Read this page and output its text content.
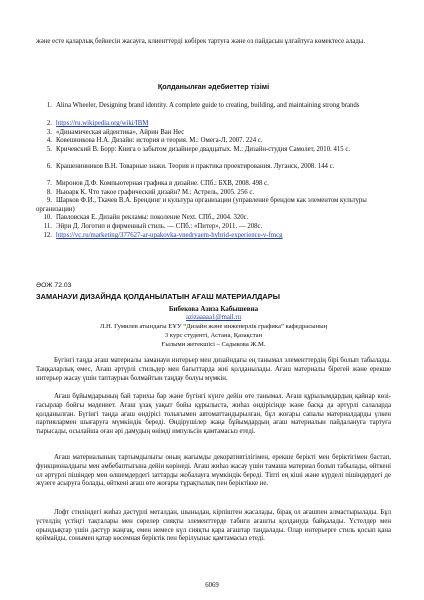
және есте қаларлық бейнесін жасауға, клиенттерді көбірек тартуға және оз пайдасын ұлғайтуға көмектесе алады.
Қолданылған әдебиеттер тізімі
1. Alina Wheeler, Designing brand identity. A complete guide to creating, building, and maintaining strong brands
2. https://ru.wikipedia.org/wiki/IBM
3. «Динамическая айдентика», Айрин Ван Нес
4. Ковешникова Н.А. Дизайн: история и теория. М.: Омега-Л, 2007. 224 с.
5. Кричевский В. Борр: Книга о забытом дизайнере двадцатых. М.: Дизайн-студия Самолет, 2010. 415 с.
6. Крашенинников В.Н. Товарные знаки. Теория и практика проектирования. Луганск, 2008. 144 с.
7. Миронов Д.Ф. Компьютерная графика в дизайне. СПб.: БХВ, 2008. 498 с.
8. Ньюарк К. Что такое графический дизайн? М.: Астрель, 2005. 256 с.
9. Шарков Ф.И., Ткачев В.А. Брендинг и культура организации (управление брендом как элементом культуры организации)
10. Павловская Е. Дизайн рекламы: поколение Next. СПб., 2004. 320с.
11. Эйри Д. Логотип и фирменный стиль. — СПб.: «Питер», 2011. — 208с.
12. https://vc.ru/marketing/377627-ar-upakovka-vnedryaem-hybrid-experience-v-fmcg
ӘОЖ 72.03
ЗАМАНАУИ ДИЗАЙНДА ҚОЛДАНЫЛАТЫН АҒАШ МАТЕРИАЛДАРЫ
Бибекова Азиза Кабышевна
azizaaaaa1@mail.ru
Л.Н. Гумилев атындағы ЕҰУ “Дизайн және инженерлік графика” кафедрасының
3 курс студенті, Астана, Қазақстан
Ғылыми жетекшісі – Садыкова Ж.М.
Бүгінгі таңда ағаш материалы заманауи интерьер мен дизайндағы ең танымал элементтердің бірі болып табылады. Таңқаларлық емес, Ағаш әртүрлі стильдер мен бағыттарда жиі қолданылады. Ағаш материалы бірегей және ерекше интерьер жасау үшін таптаурын болмайтын таңдау болуы мүмкін.
Ағаш бұйымдарының бай тарихы бар және бүгінгі күнге дейін өте танымал. Ағаш құрылымдардың қайнар көзі-ғасырлар бойғы мәдениет. Ағаш ұзақ уақыт бойы құрылыста, жиһаз өндірісінде және басқа да әртүрлі салаларда қолданылған. Бүгінгі таңда ағаш өндірісі толығымен автоматтандырылған, бұл жоғары сапалы материалдарды үлкен партиялармен шығаруға мүмкіндік береді. Өндірушілер жаңа бұйымдардың ағаш материалын пайдалануға тартуға тырысады, осылайша оған әрі дамудың өнімді импульсін қамтамасыз етеді.
Ағаш материалының тартымдылығы оның жағымды декоративтілігімен, ерекше берікті мен беріктігімен бастап, функционалдығы мен әмбебаптығына дейін көрінеді. Ағаш жиһаз жасау үшін тамаша материал болып табылады, өйткені ол әртүрлі пішіндер мен өлшемдердегі заттарды жобалауға мүмкіндік береді. Тіпті ең кіші және күрделі пішіндердегі де жүзеге асыруға болады, өйткені ағаш өте жоғары тұрақтылық пен беріктікке ие.
Лофт стиліндегі жиһаз дәстүрлі металдан, шыныдан, кірпіштен жасалады, бірақ ол ағашпен алмастырылады. Бұл үстелдің үстіңгі тақталары мен сөрелер сияқты элементтерде табиғи ағашты қолдануда байқалады. Үстелдер мен орындықтар үшін дәстүр жаңғақ, емен немесе күл сияқты қара ағаштар таңдалады. Олар интерьерге стиль қосып қана қоймайды, сонымен қатар көсемная беріктік пен берілуынас қамтамасыз етеді.
6069
